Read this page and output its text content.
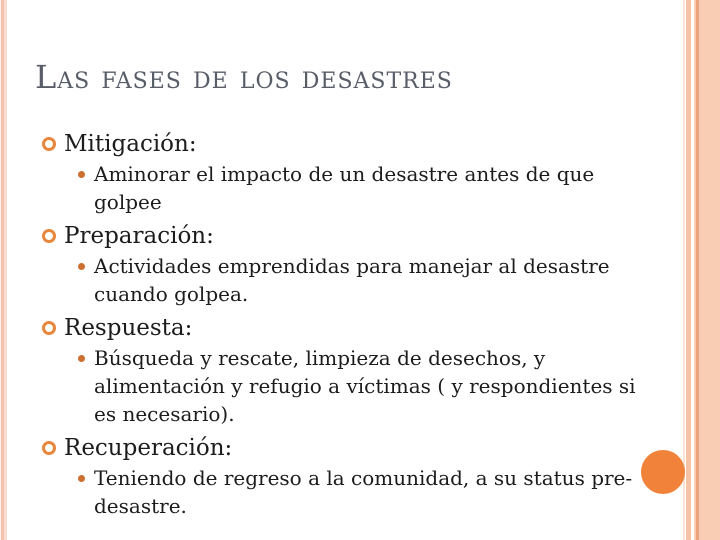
Las fases de los desastres
Mitigación:
Aminorar el impacto de un desastre antes de que
golpee
Preparación:
Actividades emprendidas para manejar al desastre
cuando golpea.
Respuesta:
Búsqueda y rescate, limpieza de desechos, y
alimentación y refugio a víctimas ( y respondientes si
es necesario).
Recuperación:
Teniendo de regreso a la comunidad, a su status pre-
desastre.
